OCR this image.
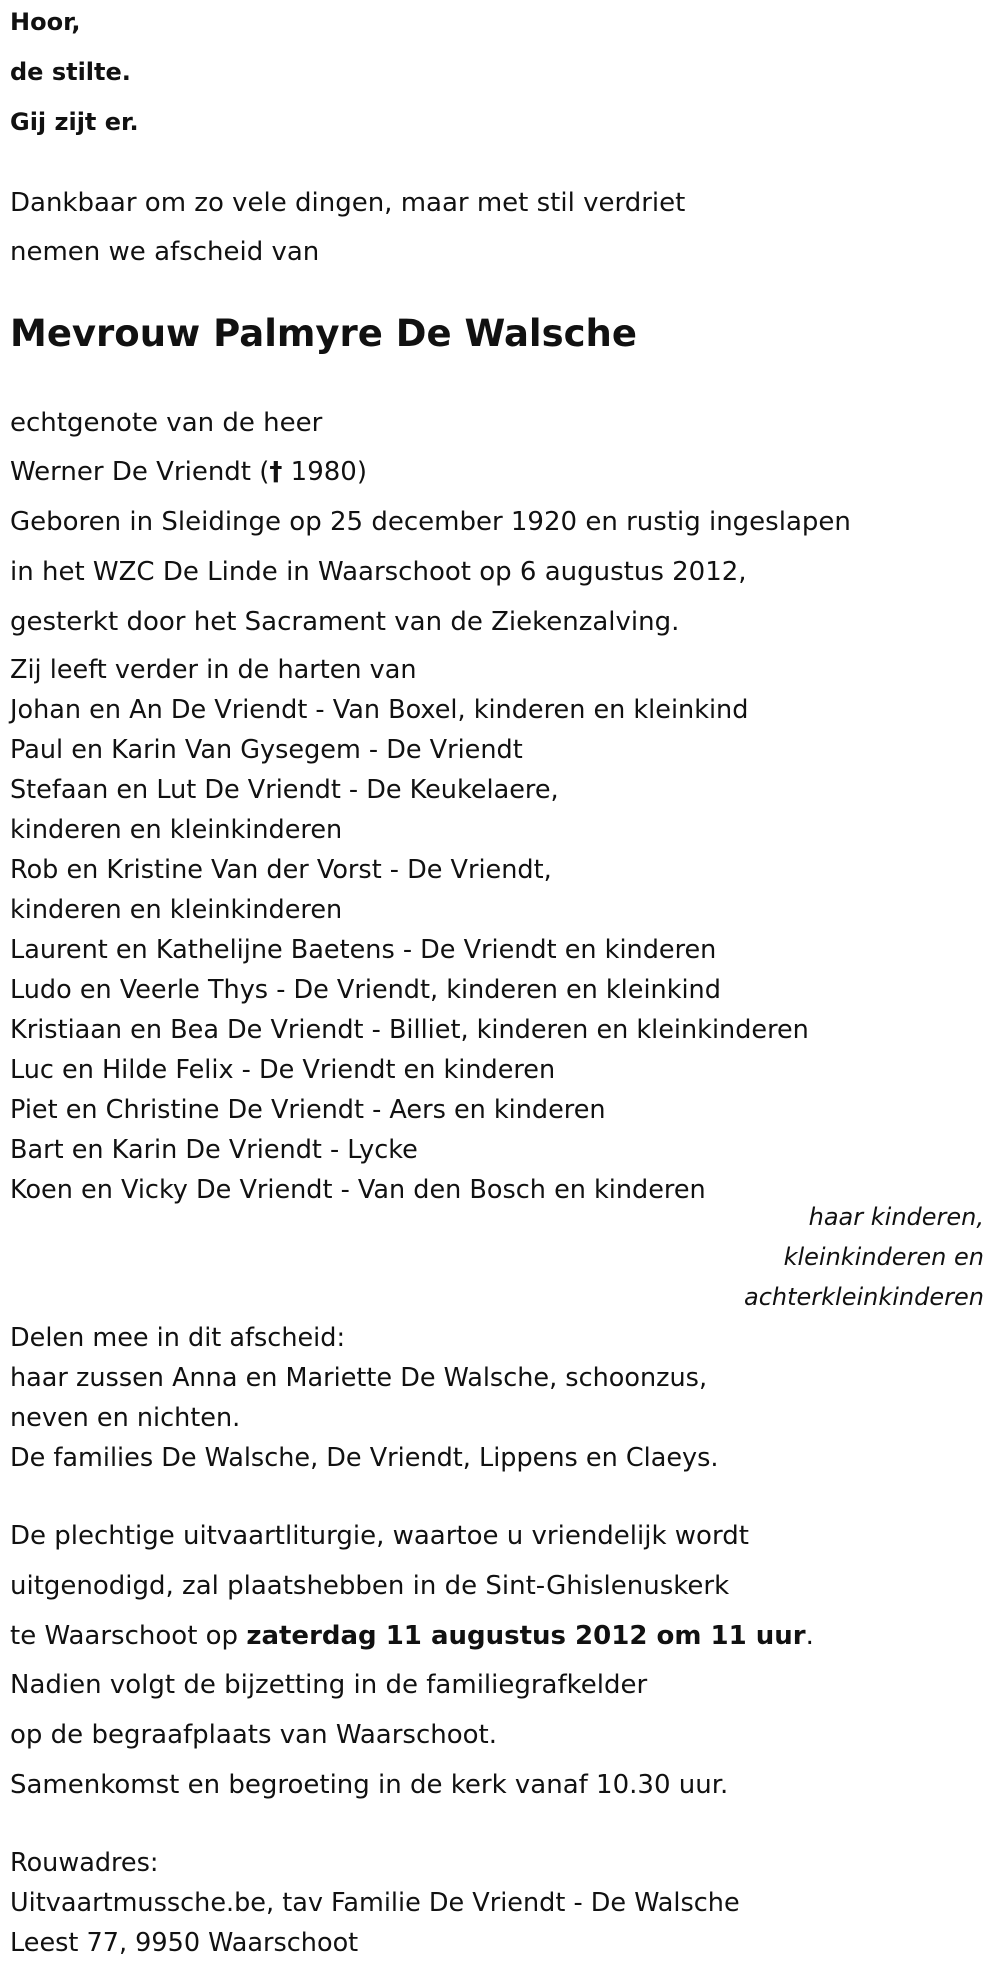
Hoor,
de stilte.
Gij zijt er.
Dankbaar om zo vele dingen, maar met stil verdriet
nemen we afscheid van
Mevrouw Palmyre De Walsche
echtgenote van de heer
Werner De Vriendt († 1980)
Geboren in Sleidinge op 25 december 1920 en rustig ingeslapen
in het WZC De Linde in Waarschoot op 6 augustus 2012,
gesterkt door het Sacrament van de Ziekenzalving.
Zij leeft verder in de harten van
Johan en An De Vriendt - Van Boxel, kinderen en kleinkind
Paul en Karin Van Gysegem - De Vriendt
Stefaan en Lut De Vriendt - De Keukelaere,
kinderen en kleinkinderen
Rob en Kristine Van der Vorst - De Vriendt,
kinderen en kleinkinderen
Laurent en Kathelijne Baetens - De Vriendt en kinderen
Ludo en Veerle Thys - De Vriendt, kinderen en kleinkind
Kristiaan en Bea De Vriendt - Billiet, kinderen en kleinkinderen
Luc en Hilde Felix - De Vriendt en kinderen
Piet en Christine De Vriendt - Aers en kinderen
Bart en Karin De Vriendt - Lycke
Koen en Vicky De Vriendt - Van den Bosch en kinderen
haar kinderen,
kleinkinderen en
achterkleinkinderen
Delen mee in dit afscheid:
haar zussen Anna en Mariette De Walsche, schoonzus,
neven en nichten.
De families De Walsche, De Vriendt, Lippens en Claeys.
De plechtige uitvaartliturgie, waartoe u vriendelijk wordt
uitgenodigd, zal plaatshebben in de Sint-Ghislenuskerk
te Waarschoot op zaterdag 11 augustus 2012 om 11 uur.
Nadien volgt de bijzetting in de familiegrafkelder
op de begraafplaats van Waarschoot.
Samenkomst en begroeting in de kerk vanaf 10.30 uur.
Rouwadres:
Uitvaartmussche.be, tav Familie De Vriendt - De Walsche
Leest 77, 9950 Waarschoot
